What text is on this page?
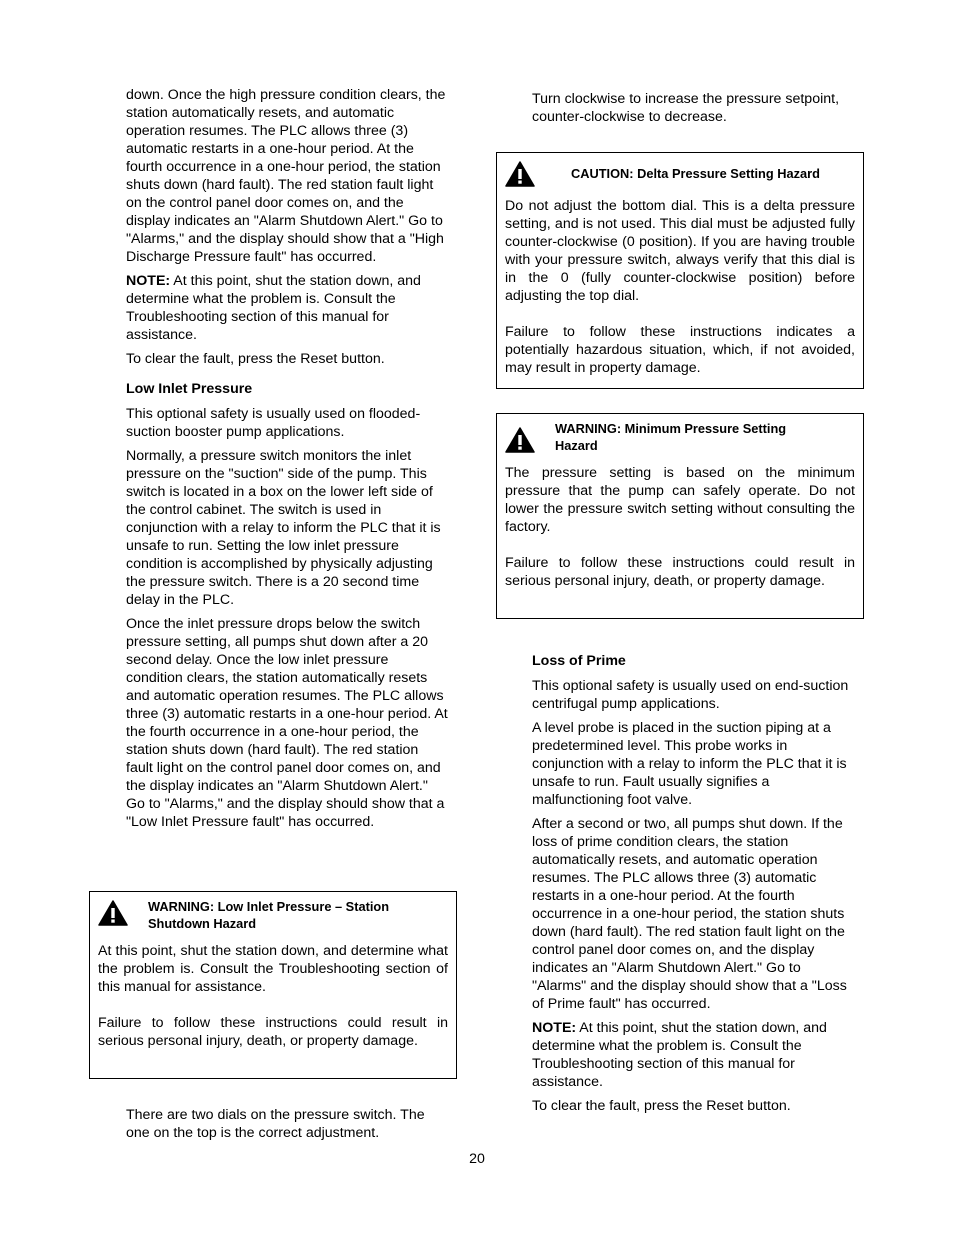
down. Once the high pressure condition clears, the station automatically resets, and automatic operation resumes. The PLC allows three (3) automatic restarts in a one-hour period. At the fourth occurrence in a one-hour period, the station shuts down (hard fault). The red station fault light on the control panel door comes on, and the display indicates an "Alarm Shutdown Alert." Go to "Alarms," and the display should show that a "High Discharge Pressure fault" has occurred.

NOTE: At this point, shut the station down, and determine what the problem is. Consult the Troubleshooting section of this manual for assistance.

To clear the fault, press the Reset button.

Low Inlet Pressure

This optional safety is usually used on flooded-suction booster pump applications.

Normally, a pressure switch monitors the inlet pressure on the "suction" side of the pump. This switch is located in a box on the lower left side of the control cabinet. The switch is used in conjunction with a relay to inform the PLC that it is unsafe to run. Setting the low inlet pressure condition is accomplished by physically adjusting the pressure switch. There is a 20 second time delay in the PLC.

Once the inlet pressure drops below the switch pressure setting, all pumps shut down after a 20 second delay. Once the low inlet pressure condition clears, the station automatically resets and automatic operation resumes. The PLC allows three (3) automatic restarts in a one-hour period. At the fourth occurrence in a one-hour period, the station shuts down (hard fault). The red station fault light on the control panel door comes on, and the display indicates an "Alarm Shutdown Alert." Go to "Alarms," and the display should show that a "Low Inlet Pressure fault" has occurred.

WARNING: Low Inlet Pressure – Station Shutdown Hazard

At this point, shut the station down, and determine what the problem is. Consult the Troubleshooting section of this manual for assistance.

Failure to follow these instructions could result in serious personal injury, death, or property damage.

There are two dials on the pressure switch. The one on the top is the correct adjustment.

Turn clockwise to increase the pressure setpoint, counter-clockwise to decrease.

CAUTION: Delta Pressure Setting Hazard

Do not adjust the bottom dial. This is a delta pressure setting, and is not used. This dial must be adjusted fully counter-clockwise (0 position). If you are having trouble with your pressure switch, always verify that this dial is in the 0 (fully counter-clockwise position) before adjusting the top dial.

Failure to follow these instructions indicates a potentially hazardous situation, which, if not avoided, may result in property damage.

WARNING: Minimum Pressure Setting Hazard

The pressure setting is based on the minimum pressure that the pump can safely operate. Do not lower the pressure switch setting without consulting the factory.

Failure to follow these instructions could result in serious personal injury, death, or property damage.

Loss of Prime

This optional safety is usually used on end-suction centrifugal pump applications.

A level probe is placed in the suction piping at a predetermined level. This probe works in conjunction with a relay to inform the PLC that it is unsafe to run. Fault usually signifies a malfunctioning foot valve.

After a second or two, all pumps shut down. If the loss of prime condition clears, the station automatically resets, and automatic operation resumes. The PLC allows three (3) automatic restarts in a one-hour period. At the fourth occurrence in a one-hour period, the station shuts down (hard fault). The red station fault light on the control panel door comes on, and the display indicates an "Alarm Shutdown Alert." Go to "Alarms" and the display should show that a "Loss of Prime fault" has occurred.

NOTE: At this point, shut the station down, and determine what the problem is. Consult the Troubleshooting section of this manual for assistance.

To clear the fault, press the Reset button.

20
